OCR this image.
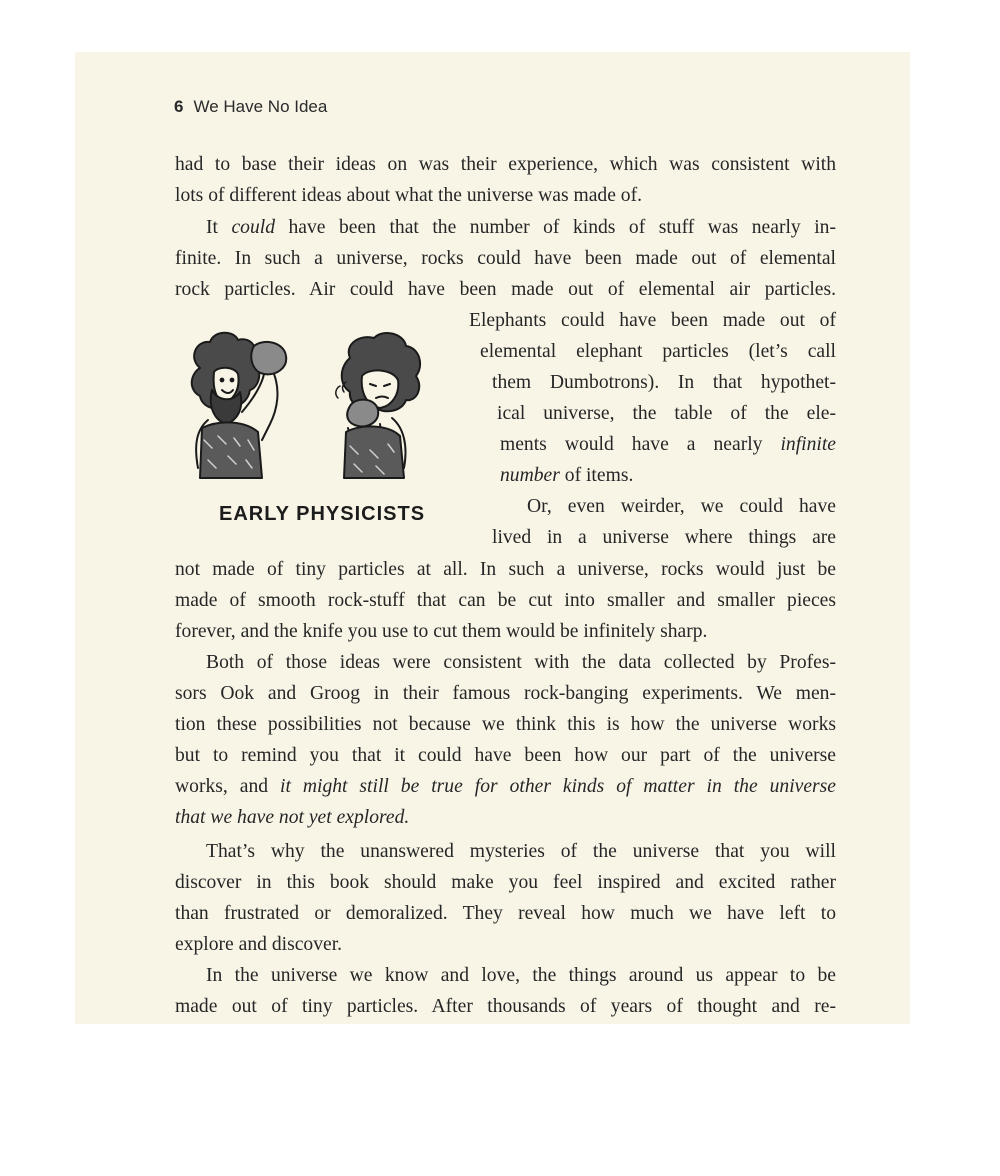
6 We Have No Idea
had to base their ideas on was their experience, which was consistent with
lots of different ideas about what the universe was made of.
It could have been that the number of kinds of stuff was nearly in-
finite. In such a universe, rocks could have been made out of elemental
rock particles. Air could have been made out of elemental air particles.
Elephants could have been made out of
elemental elephant particles (let’s call
them Dumbotrons). In that hypothet-
ical universe, the table of the ele-
ments would have a nearly infinite
number of items.
Or, even weirder, we could have
lived in a universe where things are
not made of tiny particles at all. In such a universe, rocks would just be
made of smooth rock-stuff that can be cut into smaller and smaller pieces
forever, and the knife you use to cut them would be infinitely sharp.
Both of those ideas were consistent with the data collected by Profes-
sors Ook and Groog in their famous rock-banging experiments. We men-
tion these possibilities not because we think this is how the universe works
but to remind you that it could have been how our part of the universe
works, and it might still be true for other kinds of matter in the universe
that we have not yet explored.
That’s why the unanswered mysteries of the universe that you will
discover in this book should make you feel inspired and excited rather
than frustrated or demoralized. They reveal how much we have left to
explore and discover.
In the universe we know and love, the things around us appear to be
made out of tiny particles. After thousands of years of thought and re-
EARLY PHYSICISTS
